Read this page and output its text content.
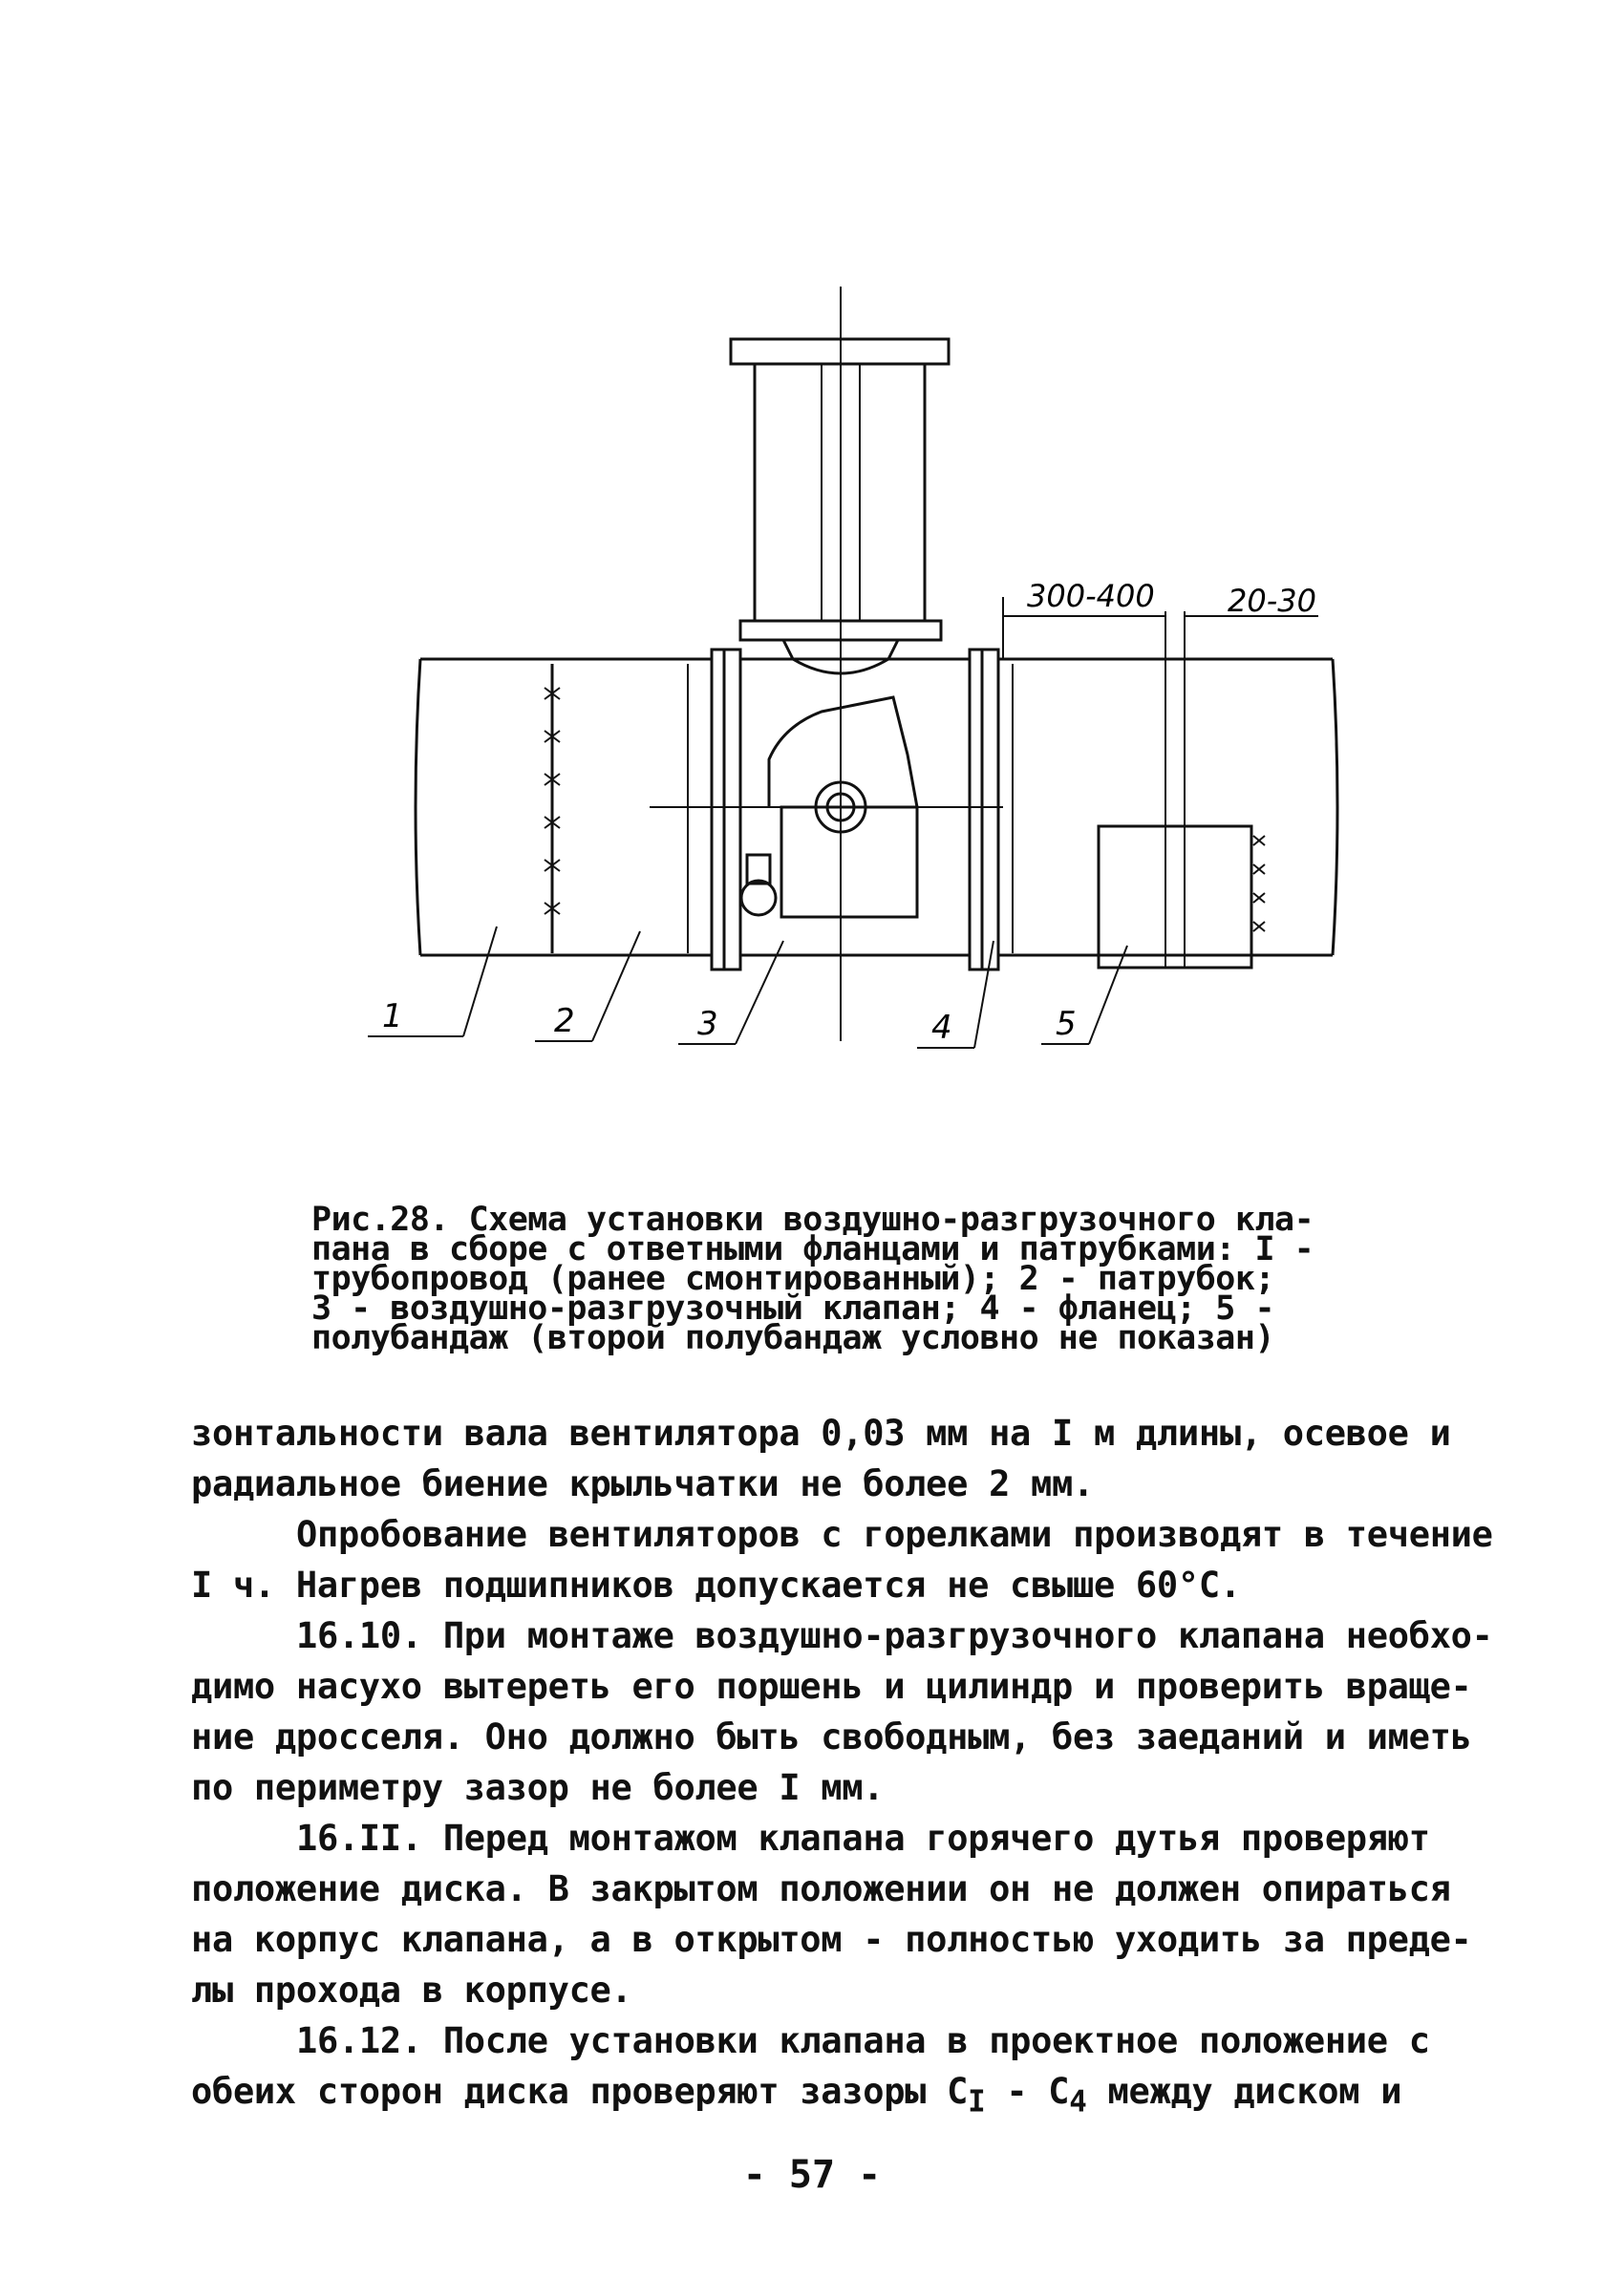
300-400 20-30
1	2	3	4	5
Рис.28. Схема установки воздушно-разгрузочного кла-
пана в сборе с ответными фланцами и патрубками: I -
трубопровод (ранее смонтированный); 2 - патрубок;
3 - воздушно-разгрузочный клапан; 4 - фланец; 5 -
полубандаж (второй полубандаж условно не показан)
зонтальности вала вентилятора 0,03 мм на I м длины, осевое и
радиальное биение крыльчатки не более 2 мм.
Опробование вентиляторов с горелками производят в течение
I ч. Нагрев подшипников допускается не свыше 60°С.
16.10. При монтаже воздушно-разгрузочного клапана необхо-
димо насухо вытереть его поршень и цилиндр и проверить враще-
ние дросселя. Оно должно быть свободным, без заеданий и иметь
по периметру зазор не более I мм.
16.II. Перед монтажом клапана горячего дутья проверяют
положение диска. В закрытом положении он не должен опираться
на корпус клапана, а в открытом - полностью уходить за преде-
лы прохода в корпусе.
16.12. После установки клапана в проектное положение с
обеих сторон диска проверяют зазоры $С_I - С_4$ между диском и
- 57 -
